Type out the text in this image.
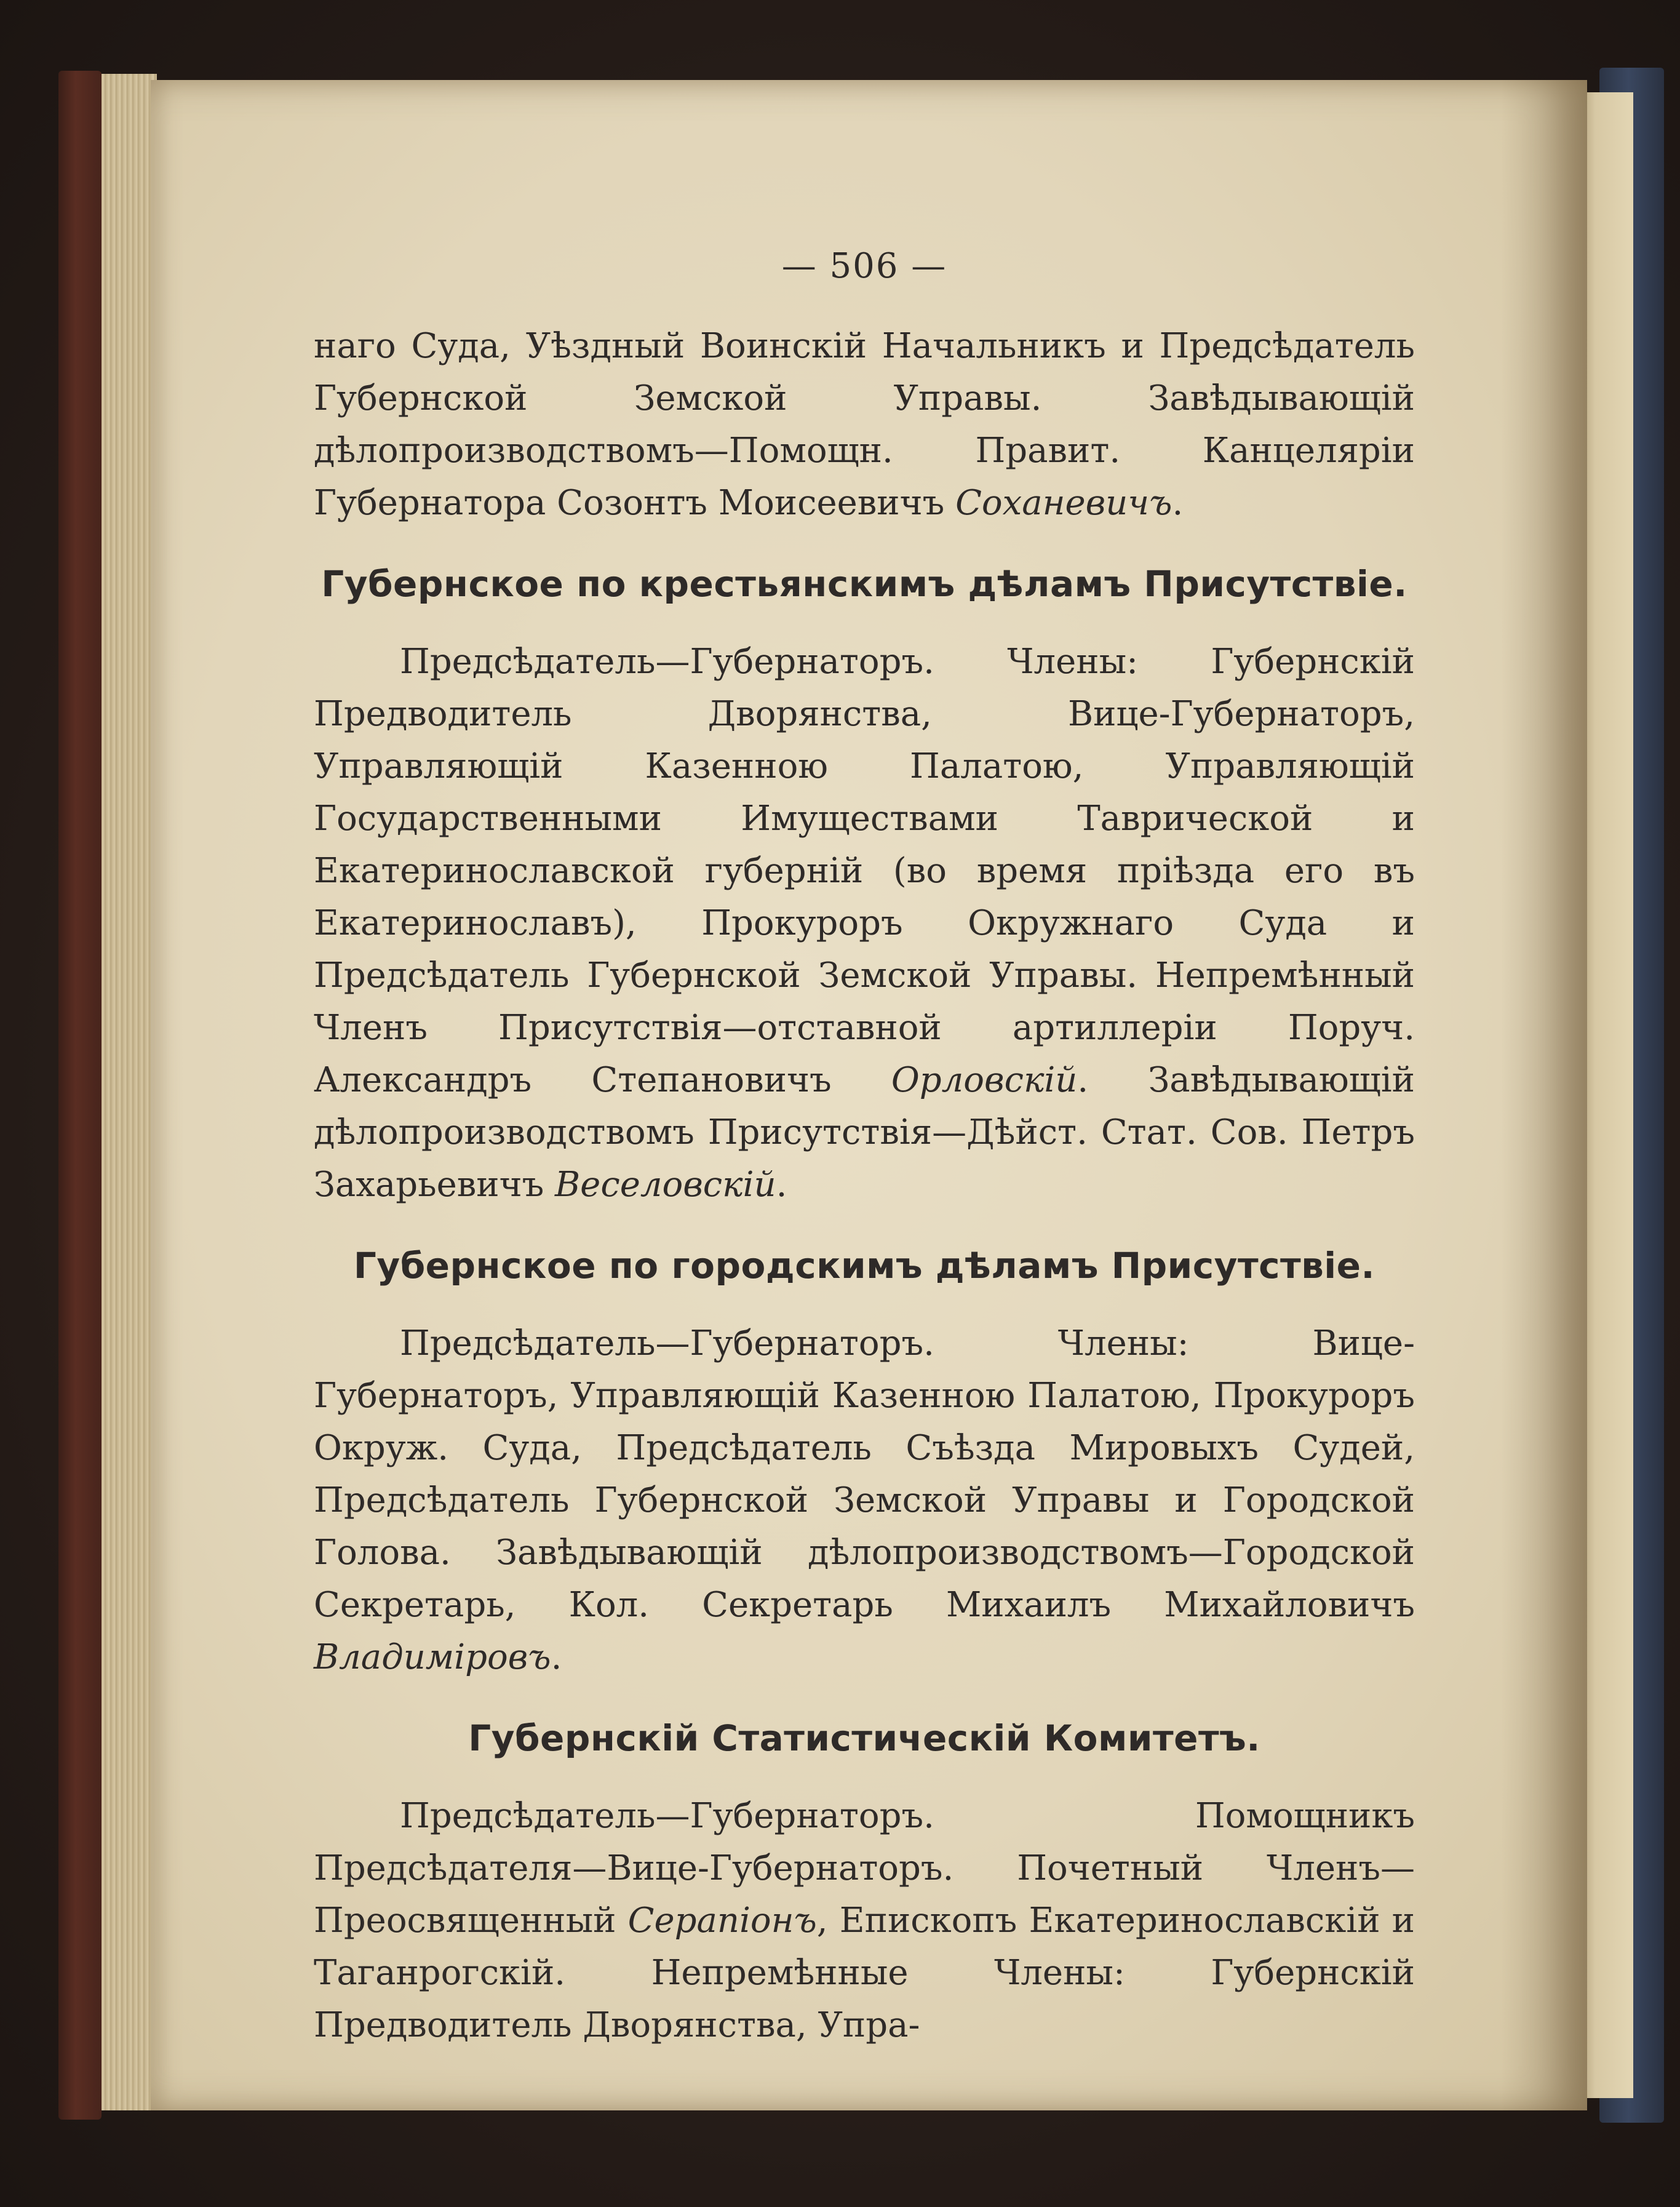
— 506 —

наго Суда, Уѣздный Воинскій Начальникъ и Предсѣдатель Губернской Земской Управы. Завѣдывающій дѣлопроизводствомъ—Помощн. Правит. Канцеляріи Губернатора Созонтъ Моисеевичъ Соханевичъ.

Губернское по крестьянскимъ дѣламъ Присутствіе.

Предсѣдатель—Губернаторъ. Члены: Губернскій Предводитель Дворянства, Вице-Губернаторъ, Управляющій Казенною Палатою, Управляющій Государственными Имуществами Таврической и Екатеринославской губерній (во время пріѣзда его въ Екатеринославъ), Прокуроръ Окружнаго Суда и Предсѣдатель Губернской Земской Управы. Непремѣнный Членъ Присутствія—отставной артиллеріи Поруч. Александръ Степановичъ Орловскій. Завѣдывающій дѣлопроизводствомъ Присутствія—Дѣйст. Стат. Сов. Петръ Захарьевичъ Веселовскій.

Губернское по городскимъ дѣламъ Присутствіе.

Предсѣдатель—Губернаторъ. Члены: Вице-Губернаторъ, Управляющій Казенною Палатою, Прокуроръ Окруж. Суда, Предсѣдатель Съѣзда Мировыхъ Судей, Предсѣдатель Губернской Земской Управы и Городской Голова. Завѣдывающій дѣлопроизводствомъ—Городской Секретарь, Кол. Секретарь Михаилъ Михайловичъ Владиміровъ.

Губернскій Статистическій Комитетъ.

Предсѣдатель—Губернаторъ. Помощникъ Предсѣдателя—Вице-Губернаторъ. Почетный Членъ—Преосвященный Серапіонъ, Епископъ Екатеринославскій и Таганрогскій. Непремѣнные Члены: Губернскій Предводитель Дворянства, Упра-
